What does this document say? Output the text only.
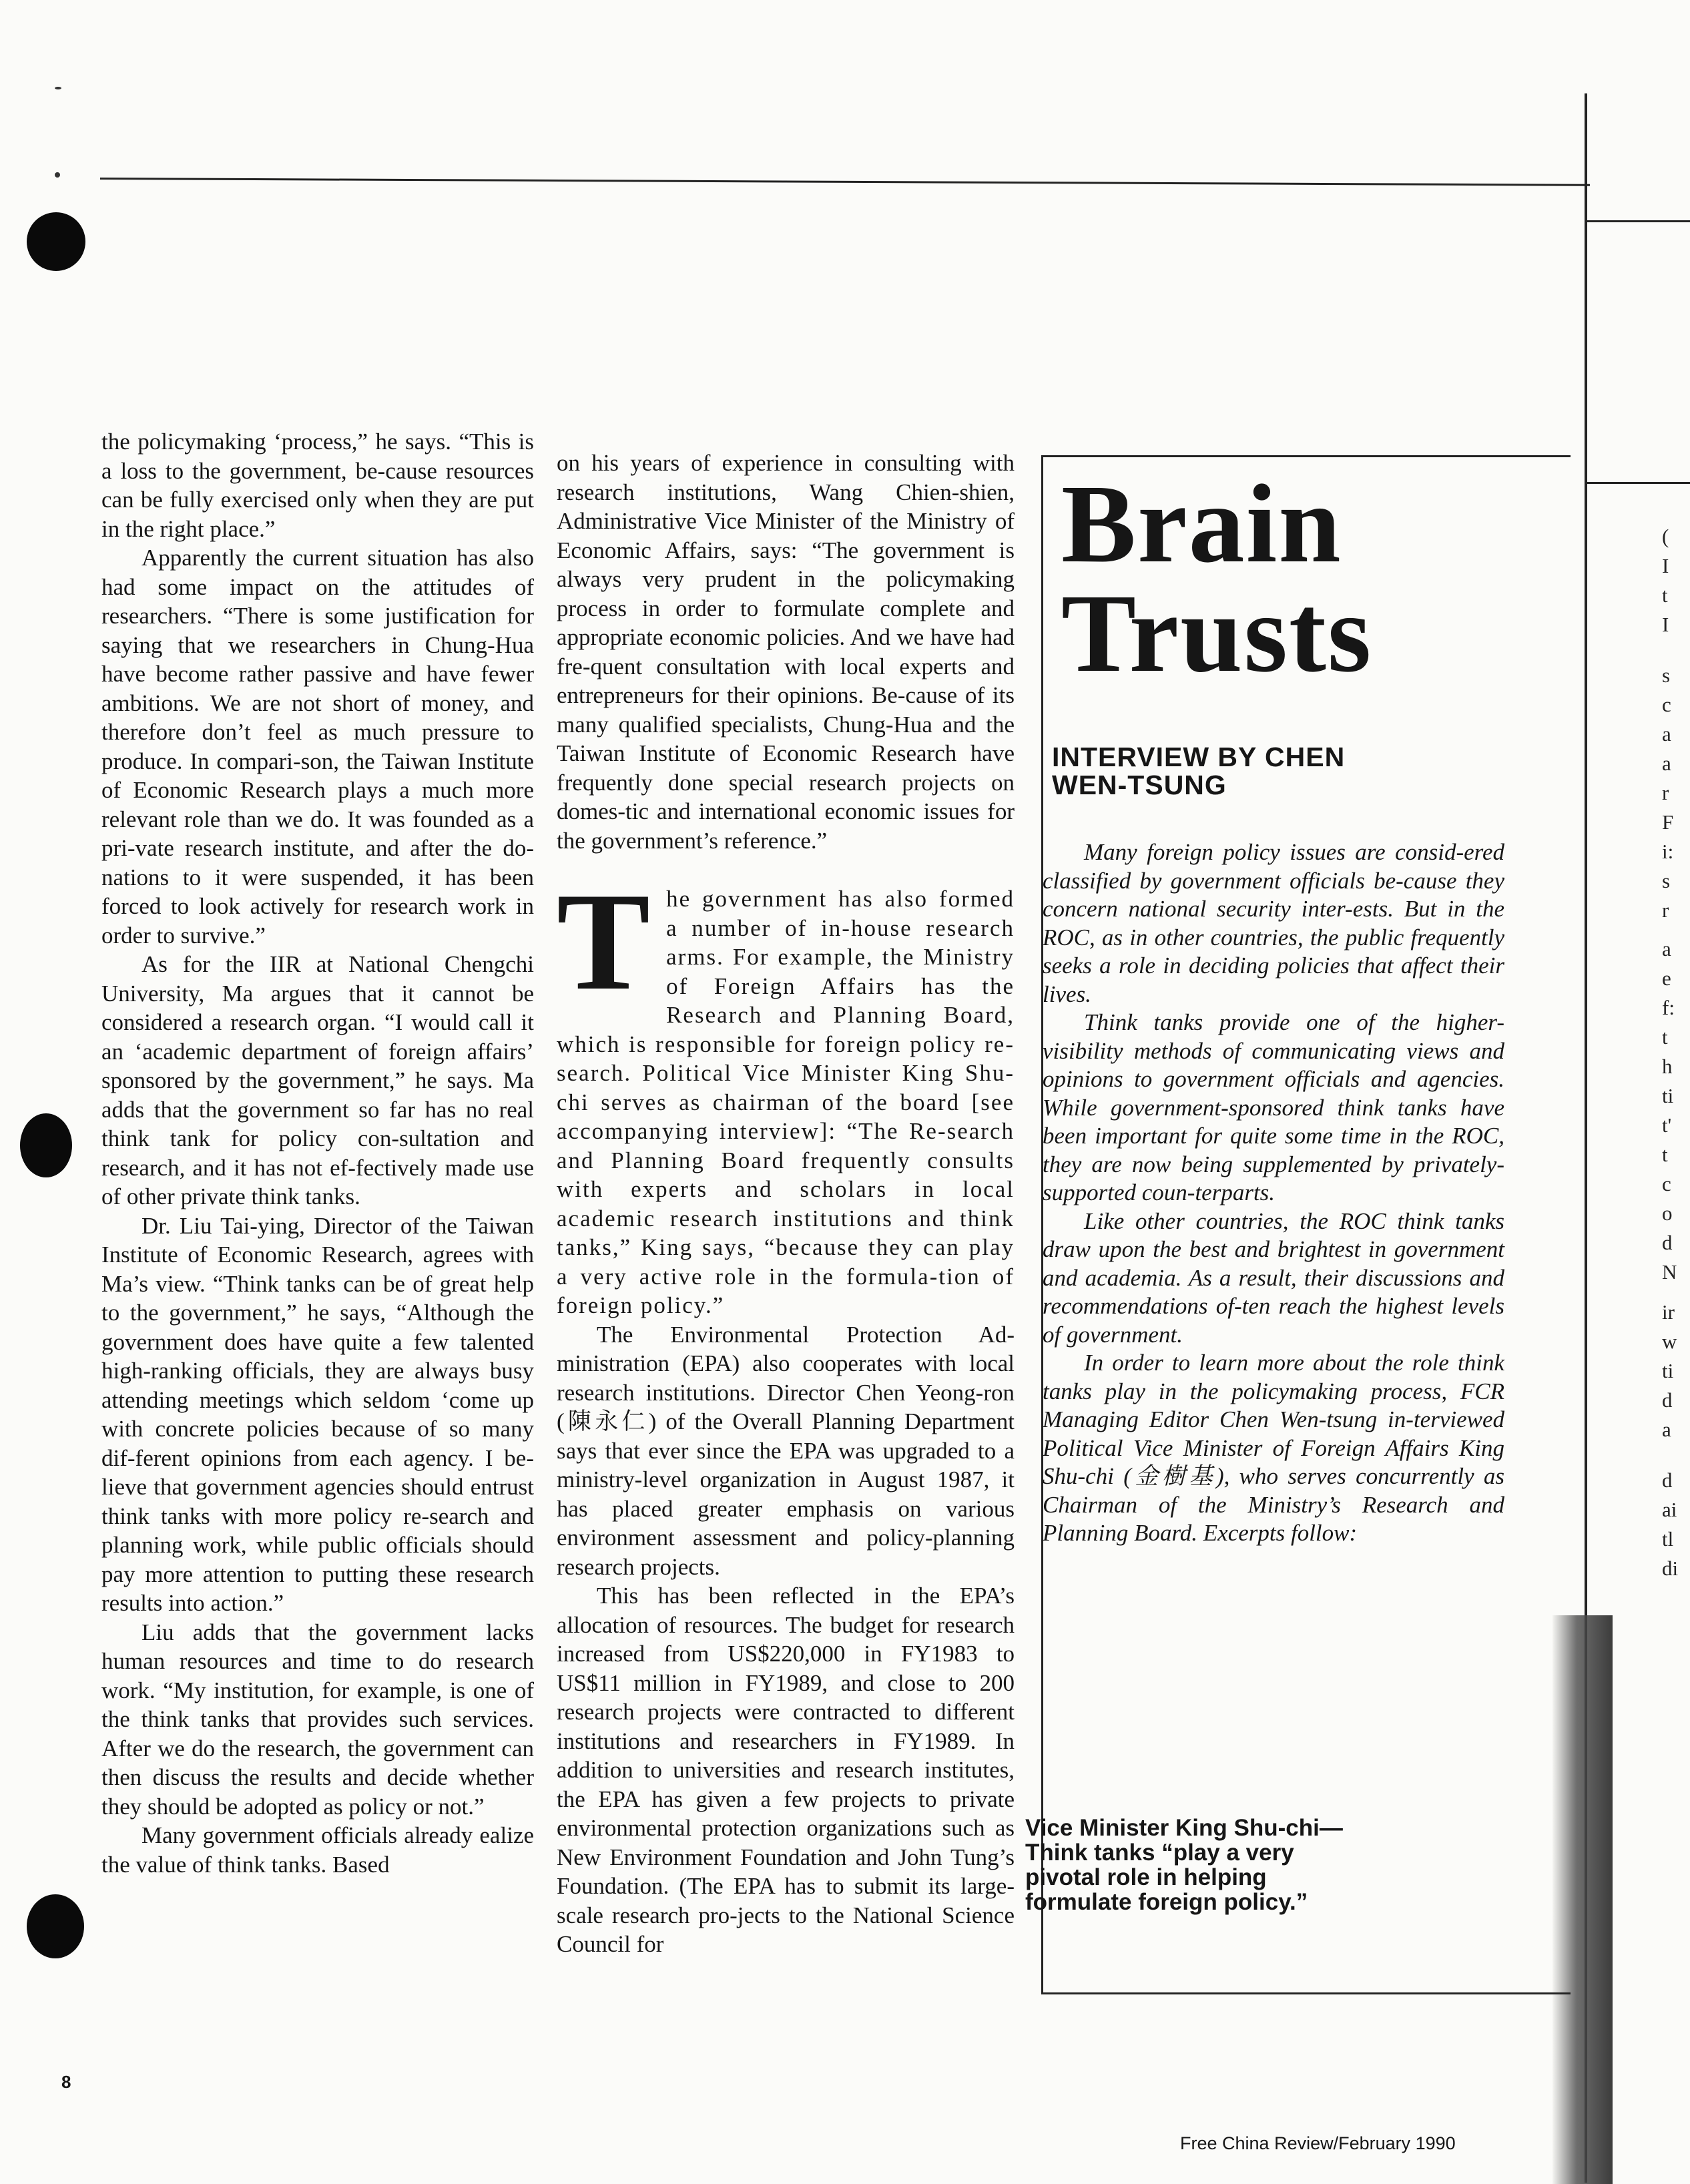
the policymaking ‘process,” he says. “This is a loss to the government, be-cause resources can be fully exercised only when they are put in the right place.”

Apparently the current situation has also had some impact on the attitudes of researchers. “There is some justification for saying that we researchers in Chung-Hua have become rather passive and have fewer ambitions. We are not short of money, and therefore don’t feel as much pressure to produce. In compari-son, the Taiwan Institute of Economic Research plays a much more relevant role than we do. It was founded as a pri-vate research institute, and after the do-nations to it were suspended, it has been forced to look actively for research work in order to survive.”

As for the IIR at National Chengchi University, Ma argues that it cannot be considered a research organ. “I would call it an ‘academic department of foreign affairs’ sponsored by the government,” he says. Ma adds that the government so far has no real think tank for policy con-sultation and research, and it has not ef-fectively made use of other private think tanks.

Dr. Liu Tai-ying, Director of the Taiwan Institute of Economic Research, agrees with Ma’s view. “Think tanks can be of great help to the government,” he says, “Although the government does have quite a few talented high-ranking officials, they are always busy attending meetings which seldom ‘come up with concrete policies because of so many dif-ferent opinions from each agency. I be-lieve that government agencies should entrust think tanks with more policy re-search and planning work, while public officials should pay more attention to putting these research results into action.”

Liu adds that the government lacks human resources and time to do research work. “My institution, for example, is one of the think tanks that provides such services. After we do the research, the government can then discuss the results and decide whether they should be adopted as policy or not.”

Many government officials already ealize the value of think tanks. Based

on his years of experience in consulting with research institutions, Wang Chien-shien, Administrative Vice Minister of the Ministry of Economic Affairs, says: “The government is always very prudent in the policymaking process in order to formulate complete and appropriate economic policies. And we have had fre-quent consultation with local experts and entrepreneurs for their opinions. Be-cause of its many qualified specialists, Chung-Hua and the Taiwan Institute of Economic Research have frequently done special research projects on domes-tic and international economic issues for the government’s reference.”

T he government has also formed a number of in-house research arms. For example, the Ministry of Foreign Affairs has the Research and Planning Board, which is responsible for foreign policy re-search. Political Vice Minister King Shu-chi serves as chairman of the board [see accompanying interview]: “The Re-search and Planning Board frequently consults with experts and scholars in local academic research institutions and think tanks,” King says, “because they can play a very active role in the formula-tion of foreign policy.”

The Environmental Protection Ad-ministration (EPA) also cooperates with local research institutions. Director Chen Yeong-ron (陳永仁) of the Overall Planning Department says that ever since the EPA was upgraded to a ministry-level organization in August 1987, it has placed greater emphasis on various environment assessment and policy-planning research projects.

This has been reflected in the EPA’s allocation of resources. The budget for research increased from US$220,000 in FY1983 to US$11 million in FY1989, and close to 200 research projects were contracted to different institutions and researchers in FY1989. In addition to universities and research institutes, the EPA has given a few projects to private environmental protection organizations such as New Environment Foundation and John Tung’s Foundation. (The EPA has to submit its large-scale research pro-jects to the National Science Council for

Brain
Trusts
INTERVIEW BY CHEN
WEN-TSUNG

Many foreign policy issues are consid-ered classified by government officials be-cause they concern national security inter-ests. But in the ROC, as in other countries, the public frequently seeks a role in deciding policies that affect their lives.

Think tanks provide one of the higher-visibility methods of communicating views and opinions to government officials and agencies. While government-sponsored think tanks have been important for quite some time in the ROC, they are now being supplemented by privately-supported coun-terparts.

Like other countries, the ROC think tanks draw upon the best and brightest in government and academia. As a result, their discussions and recommendations of-ten reach the highest levels of government.

In order to learn more about the role think tanks play in the policymaking process, FCR Managing Editor Chen Wen-tsung in-terviewed Political Vice Minister of Foreign Affairs King Shu-chi (金樹基), who serves concurrently as Chairman of the Ministry’s Research and Planning Board. Excerpts follow:

Vice Minister King Shu-chi—
Think tanks “play a very
pivotal role in helping
formulate foreign policy.”
(
I
t
I
s
c
a
a
r
F
i:
s
r
a
e
f:
t
h
ti
t'
t
c
o
d
N
ir
w
ti
d
a
d
ai
tl
di
8
Free China Review/February 1990
